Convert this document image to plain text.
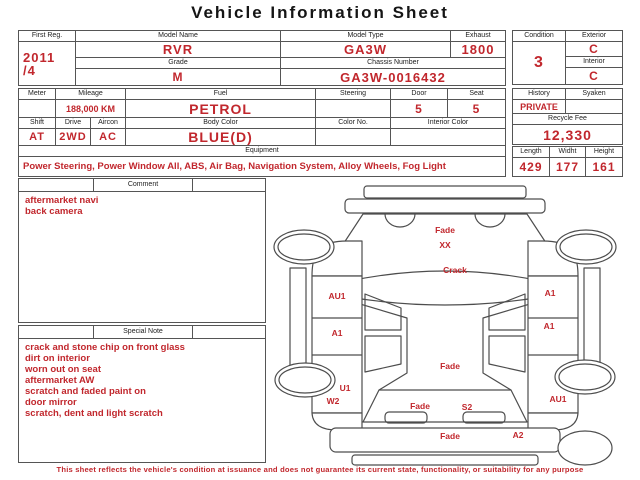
Vehicle Information Sheet
First Reg.	Model Name	Model Type	Exhaust

2011
/4	RVR	GA3W	1800
	Grade	Chassis Number	
	M	GA3W-0016432	
Condition	Exterior
3	C
	Interior
	C
Meter	Mileage		Fuel	Steering	Door	Seat
	188,000 KM		PETROL		5	5
Shift	Drive	Aircon	Body Color	Color No.	Interior Color	
AT	2WD	AC	BLUE(D)			
Equipment						
Power Steering, Power Window All, ABS, Air Bag, Navigation System, Alloy Wheels, Fog Light						
History	Syaken
PRIVATE	
Recycle Fee	
12,330	
Length	Widht	Height
429	177	161
Comment
aftermarket navi
back camera
Special Note
crack and stone chip on front glass
dirt on interior
worn out on seat
aftermarket AW
scratch and faded paint on
door mirror
scratch, dent and light scratch
Fade
XX
Crack
AU1	A1
A1
A1
Fade
U1
W2	Fade	S2
AU1
Fade	A2
This sheet reflects the vehicle's condition at issuance and does not guarantee its current state, functionality, or suitability for any purpose
